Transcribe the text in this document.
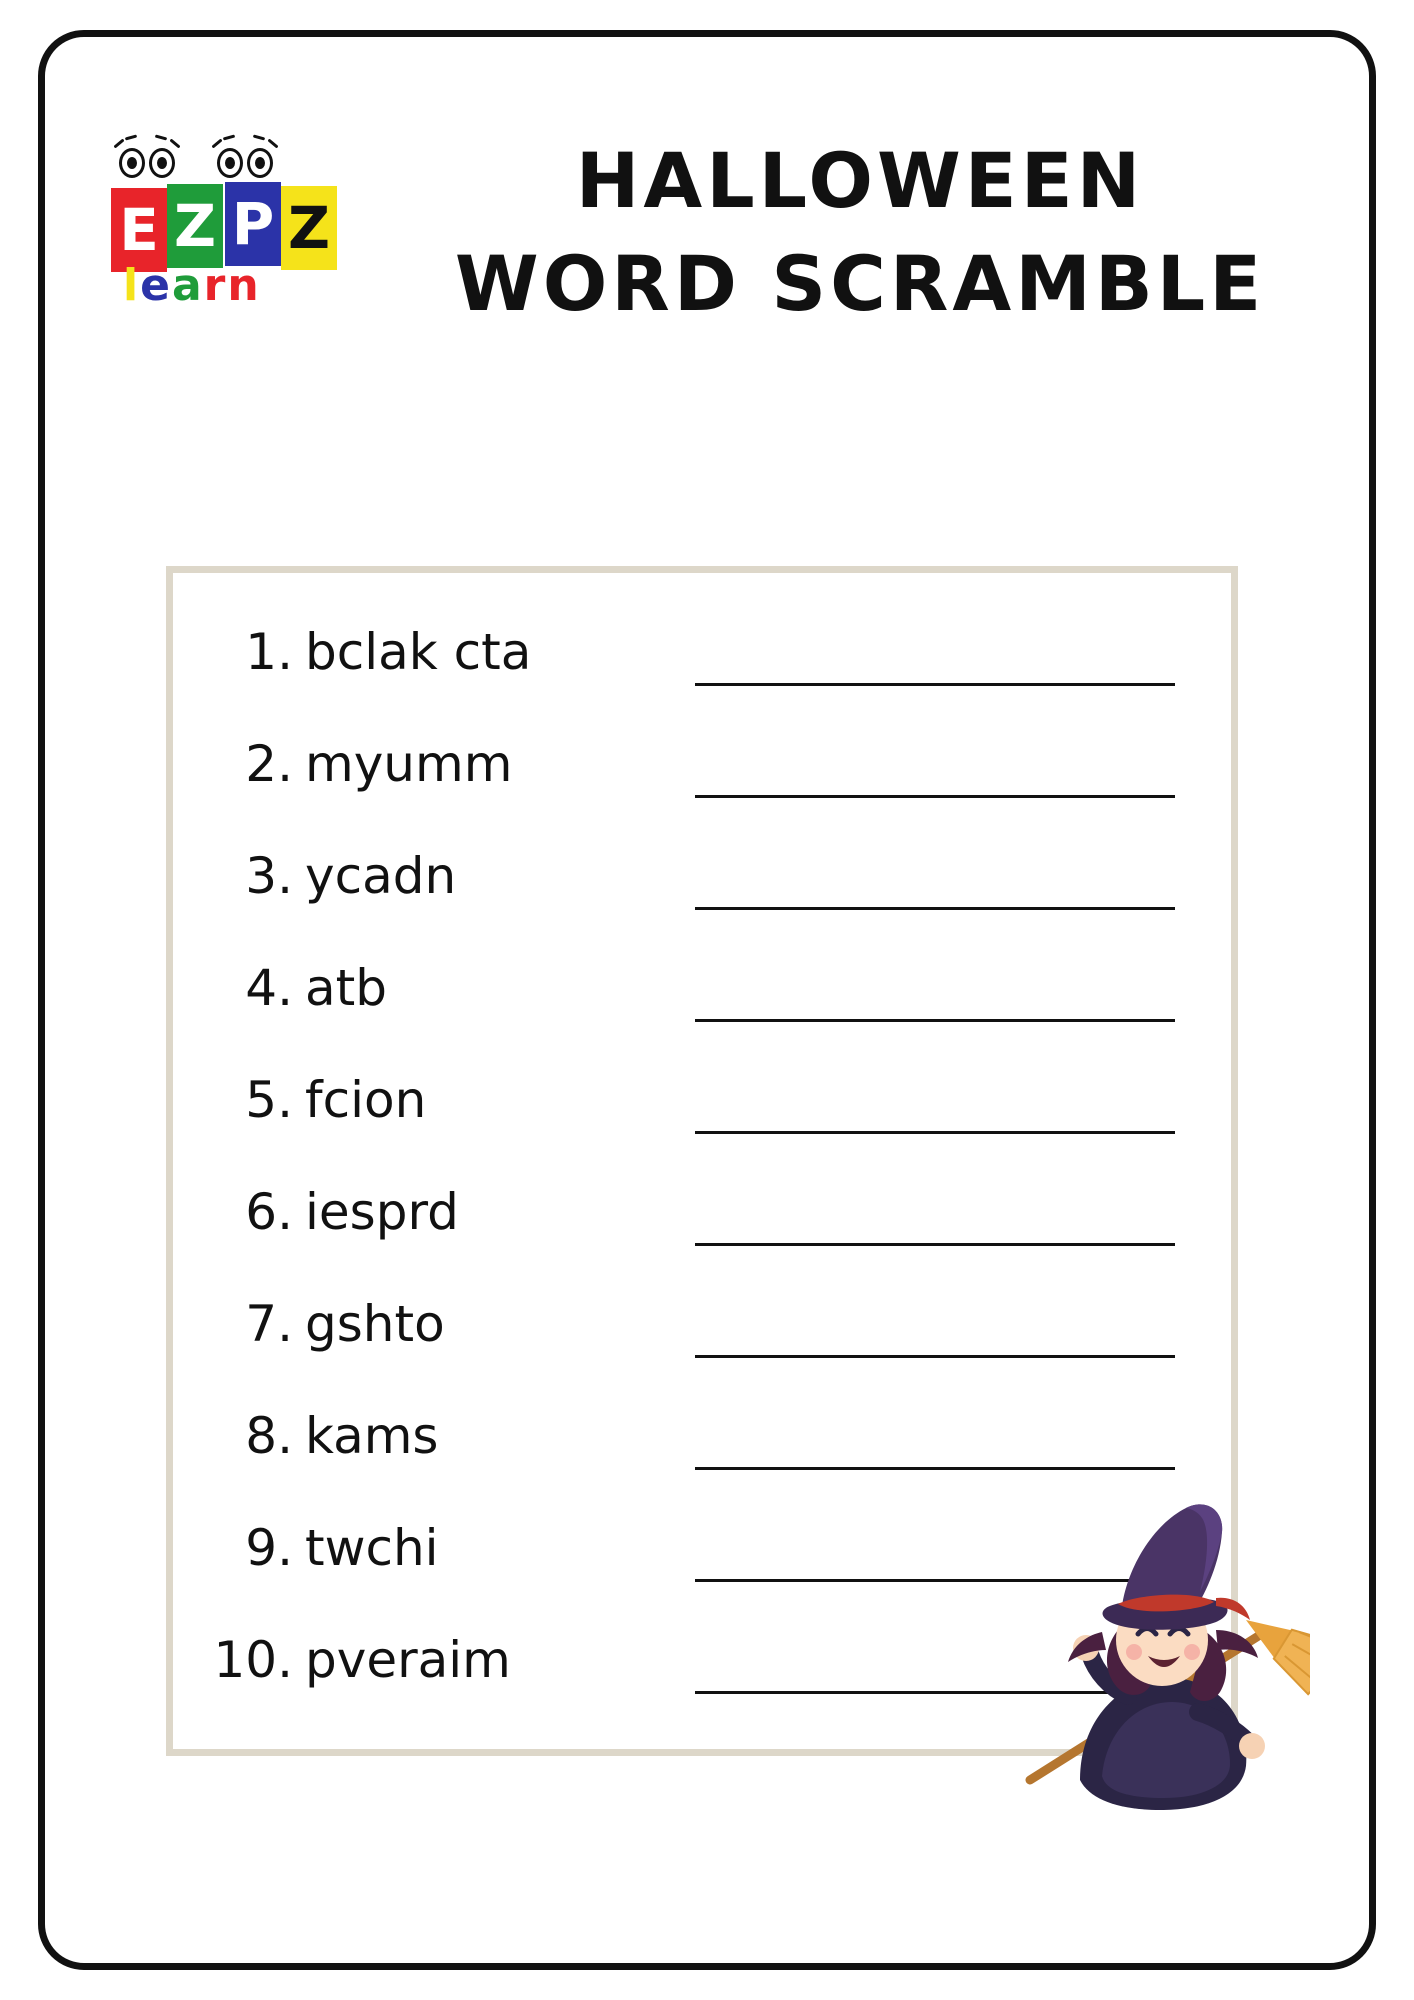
E Z P Z
learn
HALLOWEEN
WORD SCRAMBLE
1. bclak cta
2. myumm
3. ycadn
4. atb
5. fcion
6. iesprd
7. gshto
8. kams
9. twchi
10. pveraim
